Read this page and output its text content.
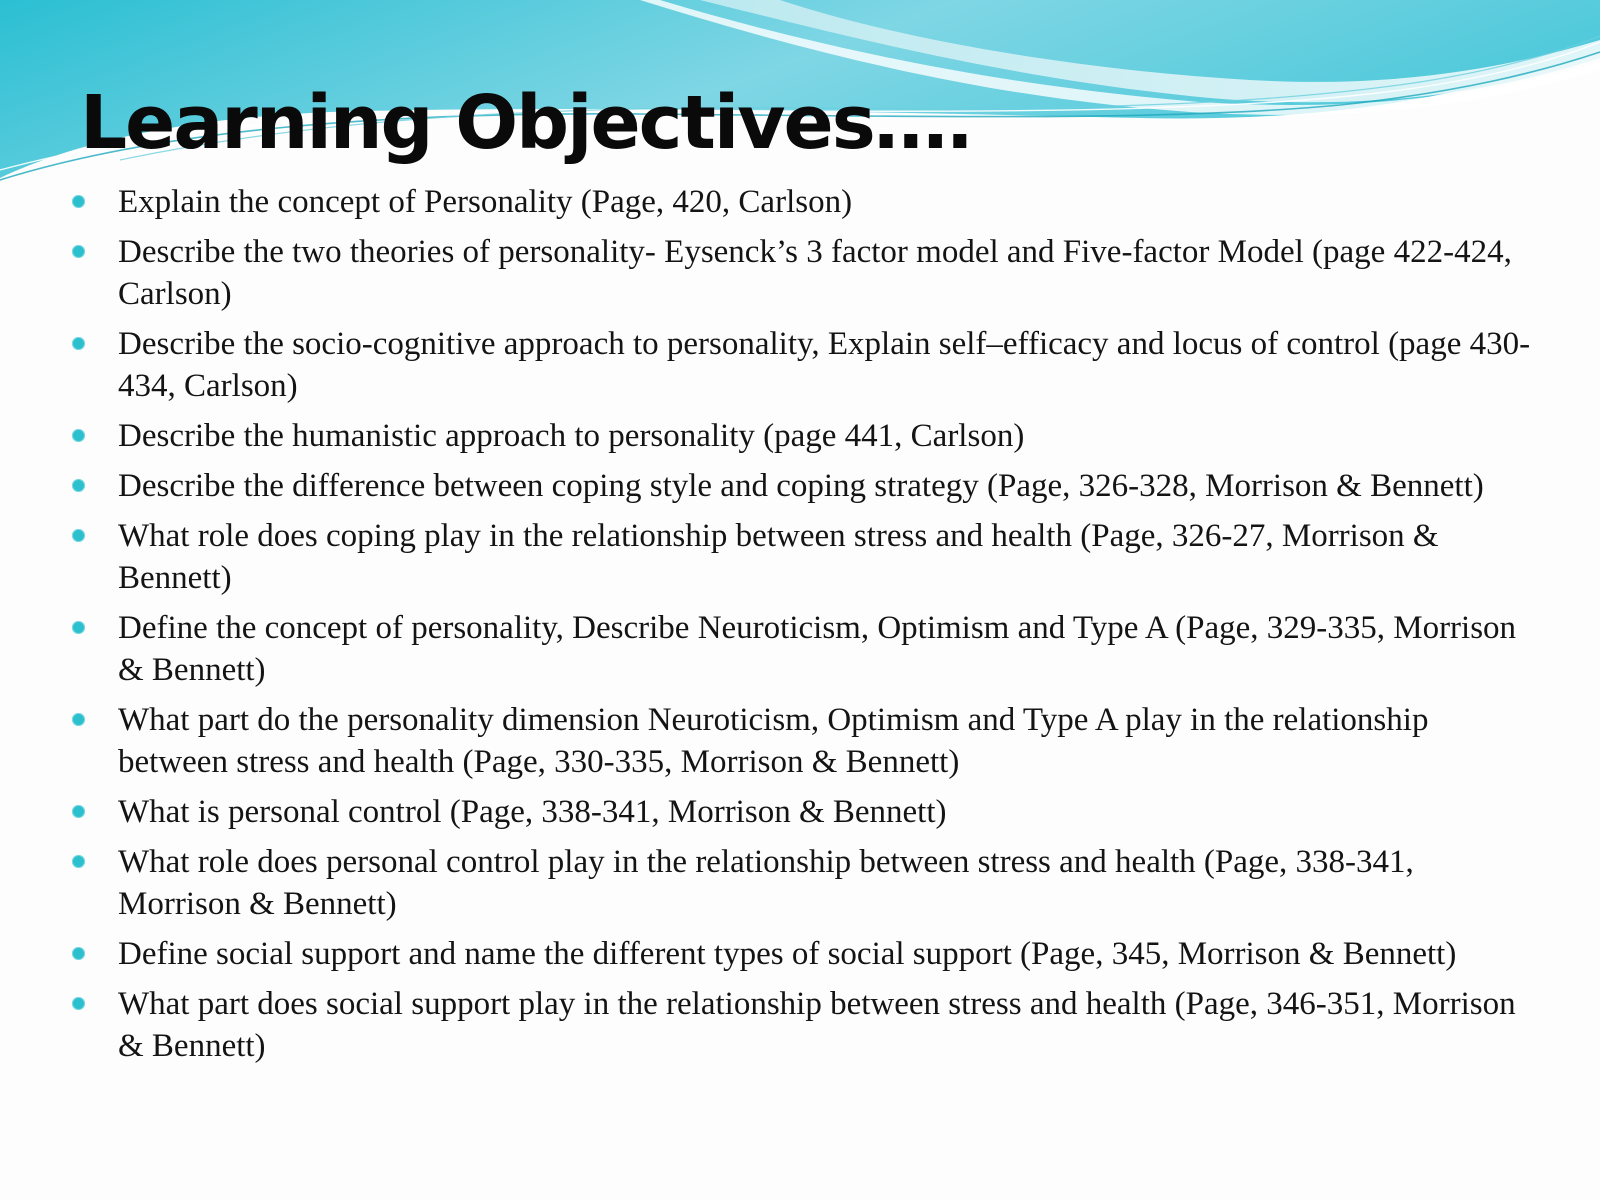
Learning Objectives….
Explain the concept of Personality (Page, 420, Carlson)
Describe the two theories of personality- Eysenck’s 3 factor model and Five-factor Model (page 422-424, Carlson)
Describe the socio-cognitive approach to personality, Explain self–efficacy and locus of control (page 430-434, Carlson)
Describe the humanistic approach to personality (page 441, Carlson)
Describe the difference between coping style and coping strategy (Page, 326-328, Morrison & Bennett)
What role does coping play in the relationship between stress and health (Page, 326-27, Morrison & Bennett)
Define the concept of personality, Describe Neuroticism, Optimism and Type A (Page, 329-335, Morrison & Bennett)
What part do the personality dimension Neuroticism, Optimism and Type A play in the relationship between stress and health (Page, 330-335, Morrison & Bennett)
What is personal control (Page, 338-341, Morrison & Bennett)
What role does personal control play in the relationship between stress and health (Page, 338-341, Morrison & Bennett)
Define social support and name the different types of social support (Page, 345, Morrison & Bennett)
What part does social support play in the relationship between stress and health (Page, 346-351, Morrison & Bennett)
